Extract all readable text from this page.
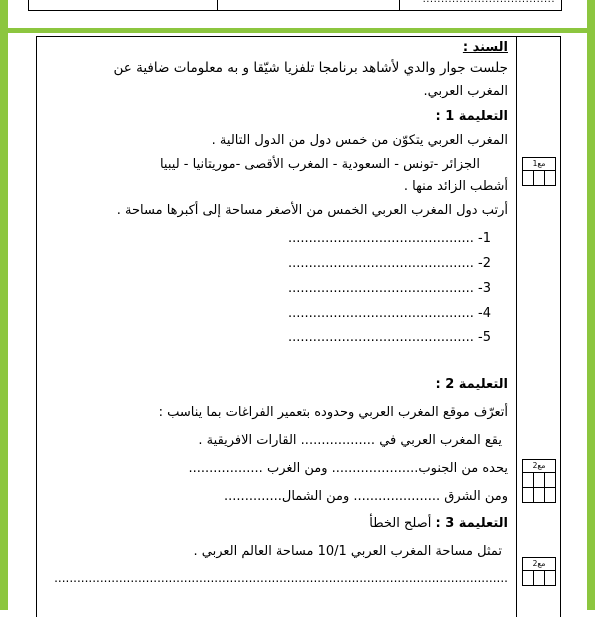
مع1
مع2
مع2
السند :
جلست جوار والدي لأشاهد برنامجا تلفزيا شيّقا و به معلومات ضافية عن
المغرب العربي.
التعليمة 1 :
المغرب العربي يتكوّن من خمس دول من الدول التالية .
الجزائر -تونس - السعودية - المغرب الأقصى -موريتانيا - ليبيا
أشطب الزائد منها .
أرتب دول المغرب العربي الخمس من الأصغر مساحة إلى أكبرها مساحة .
............................................. -1
............................................. -2
............................................. -3
............................................. -4
............................................. -5
التعليمة 2 :
أتعرّف موقع المغرب العربي وحدوده بتعمير الفراغات بما يناسب :
يقع المغرب العربي في .................. القارات الافريقية .
يحده من الجنوب..................... ومن الغرب ..................
ومن الشرق ..................... ومن الشمال..............
التعليمة 3 : أصلح الخطأ
تمثل مساحة المغرب العربي 10/1 مساحة العالم العربي .
.......................................................................................................................
